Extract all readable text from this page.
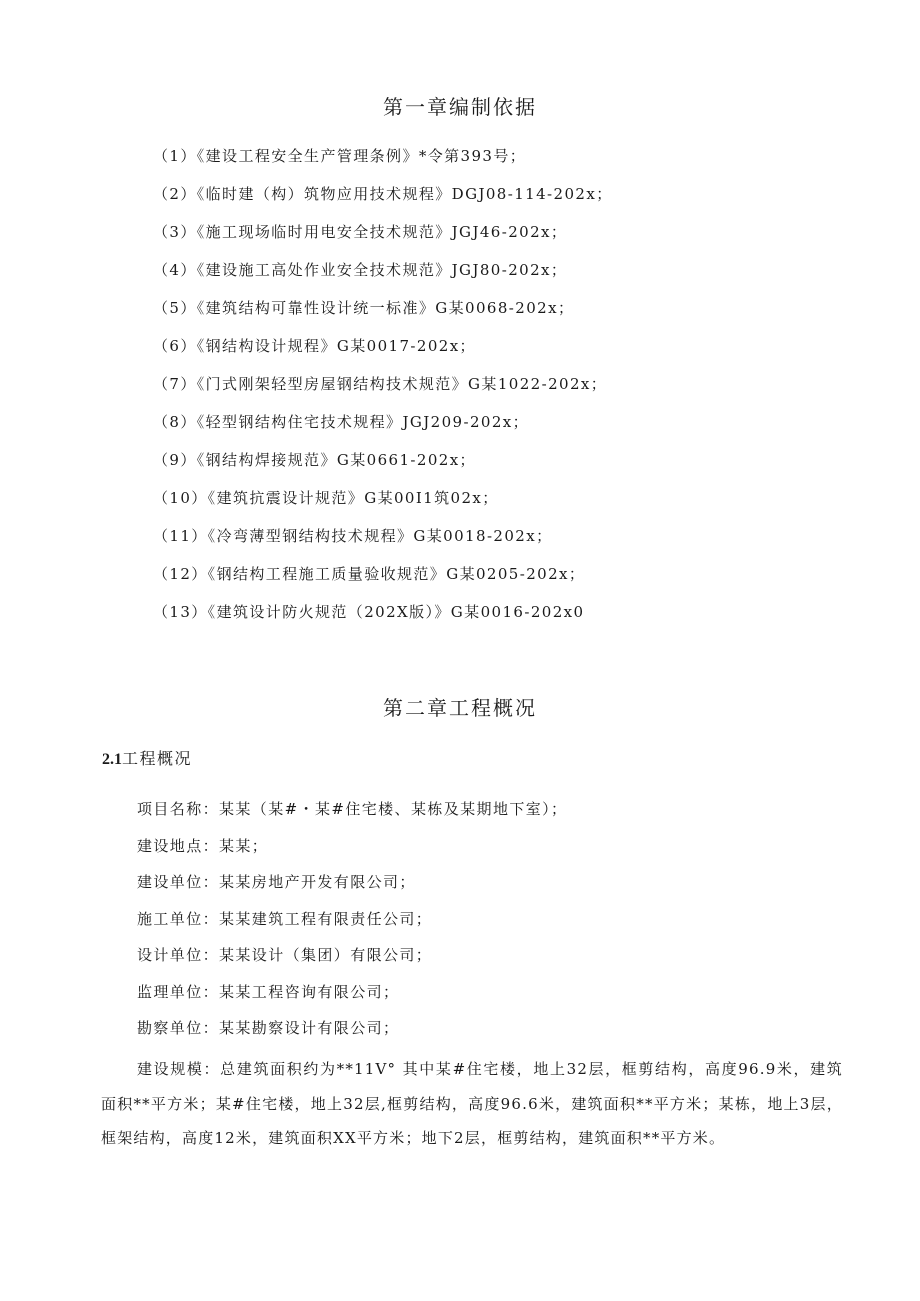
第一章编制依据
（1）《建设工程安全生产管理条例》*令第393号；
（2）《临时建（构）筑物应用技术规程》DGJ08-114-202x；
（3）《施工现场临时用电安全技术规范》JGJ46-202x；
（4）《建设施工高处作业安全技术规范》JGJ80-202x；
（5）《建筑结构可靠性设计统一标准》G某0068-202x；
（6）《钢结构设计规程》G某0017-202x；
（7）《门式刚架轻型房屋钢结构技术规范》G某1022-202x；
（8）《轻型钢结构住宅技术规程》JGJ209-202x；
（9）《钢结构焊接规范》G某0661-202x；
（10）《建筑抗震设计规范》G某00I1筑02x；
（11）《冷弯薄型钢结构技术规程》G某0018-202x；
（12）《钢结构工程施工质量验收规范》G某0205-202x；
（13）《建筑设计防火规范（202X版）》G某0016-202x0
第二章工程概况
2.1工程概况
项目名称：某某（某#・某#住宅楼、某栋及某期地下室）；
建设地点：某某；
建设单位：某某房地产开发有限公司；
施工单位：某某建筑工程有限责任公司；
设计单位：某某设计（集团）有限公司；
监理单位：某某工程咨询有限公司；
勘察单位：某某勘察设计有限公司；

建设规模：总建筑面积约为**11V° 其中某#住宅楼，地上32层，框剪结构，高度96.9米，建筑面积**平方米；某#住宅楼，地上32层,框剪结构，高度96.6米，建筑面积**平方米；某栋，地上3层，框架结构，高度12米，建筑面积XX平方米；地下2层，框剪结构，建筑面积**平方米。
